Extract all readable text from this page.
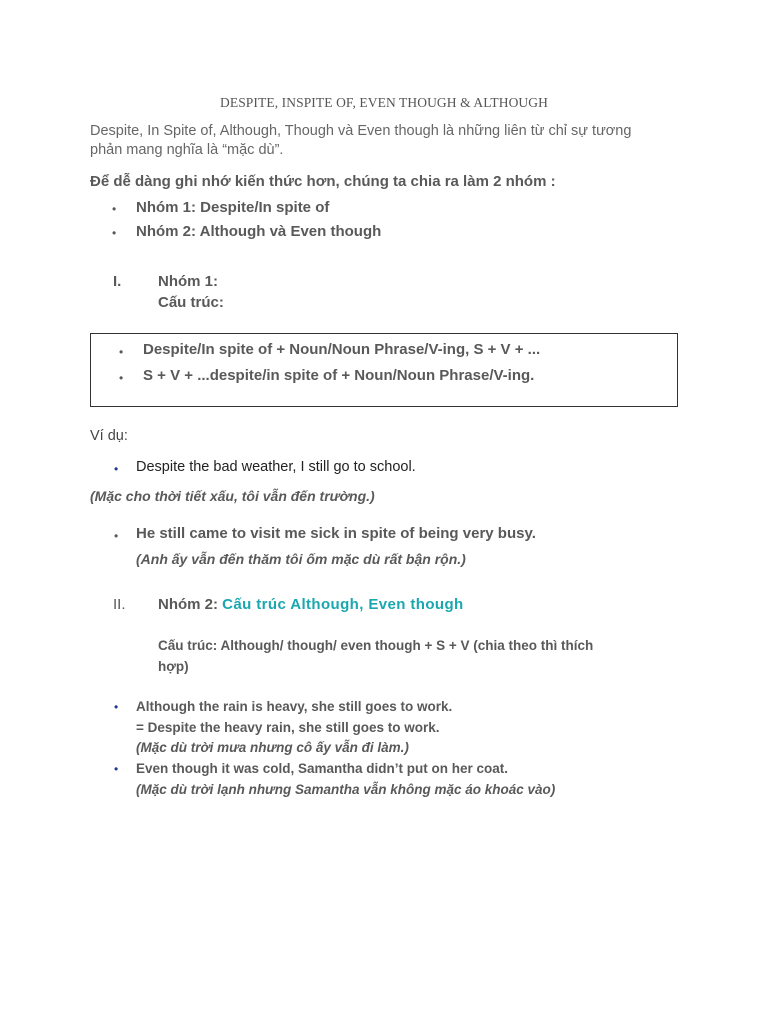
DESPITE, INSPITE OF, EVEN THOUGH & ALTHOUGH
Despite, In Spite of, Although, Though và Even though là những liên từ chỉ sự tương
phản mang nghĩa là “mặc dù”.
Để dễ dàng ghi nhớ kiến thức hơn, chúng ta chia ra làm 2 nhóm :
• Nhóm 1: Despite/In spite of
• Nhóm 2: Although và Even though
I. Nhóm 1:
Cấu trúc:
• Despite/In spite of + Noun/Noun Phrase/V-ing, S + V + ...
• S + V + ...despite/in spite of + Noun/Noun Phrase/V-ing.
Ví dụ:
• Despite the bad weather, I still go to school.
(Mặc cho thời tiết xấu, tôi vẫn đến trường.)
• He still came to visit me sick in spite of being very busy.
(Anh ấy vẫn đến thăm tôi ốm mặc dù rất bận rộn.)
II. Nhóm 2: Cấu trúc Although, Even though
Cấu trúc: Although/ though/ even though + S + V (chia theo thì thích
hợp)
• Although the rain is heavy, she still goes to work.
= Despite the heavy rain, she still goes to work.
(Mặc dù trời mưa nhưng cô ấy vẫn đi làm.)
• Even though it was cold, Samantha didn’t put on her coat.
(Mặc dù trời lạnh nhưng Samantha vẫn không mặc áo khoác vào)
